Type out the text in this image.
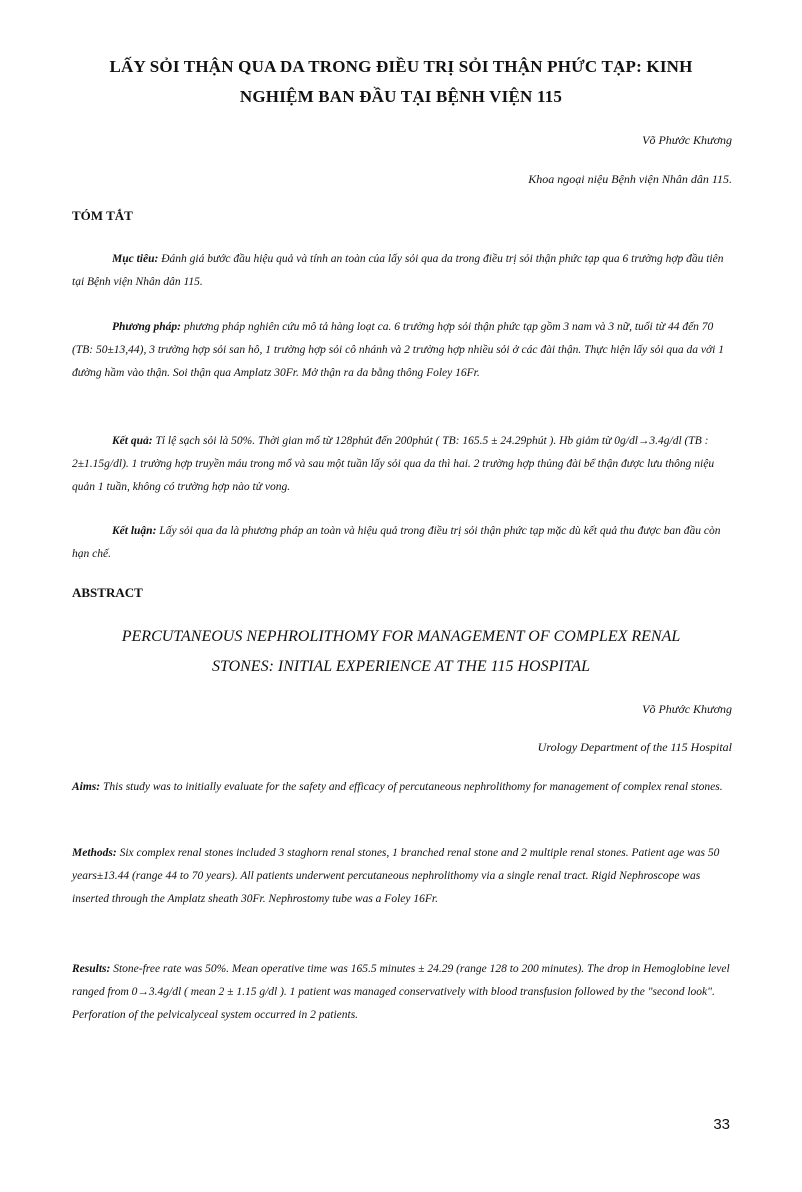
LẤY SỎI THẬN QUA DA TRONG ĐIỀU TRỊ SỎI THẬN PHỨC TẠP: KINH
NGHIỆM BAN ĐẦU TẠI BỆNH VIỆN 115
Võ Phước Khương
Khoa ngoại niệu Bệnh viện Nhân dân 115.
TÓM TẮT
Mục tiêu: Đánh giá bước đầu hiệu quả và tính an toàn của lấy sỏi qua da trong điều trị sỏi thận phức tạp qua 6 trường hợp đầu tiên tại Bệnh viện Nhân dân 115.
Phương pháp: phương pháp nghiên cứu mô tả hàng loạt ca. 6 trường hợp sỏi thận phức tạp gồm 3 nam và 3 nữ, tuổi từ 44 đến 70 (TB: 50±13,44), 3 trường hợp sỏi san hô, 1 trường hợp sỏi cô nhánh và 2 trường hợp nhiều sỏi ở các đài thận. Thực hiện lấy sỏi qua da với 1 đường hầm vào thận. Soi thận qua Amplatz 30Fr. Mở thận ra da bằng thông Foley 16Fr.
Kết quả: Tỉ lệ sạch sỏi là 50%. Thời gian mổ từ 128phút đến 200phút ( TB: 165.5 ± 24.29phút ). Hb giảm từ 0g/dl→3.4g/dl (TB : 2±1.15g/dl). 1 trường hợp truyền máu trong mổ và sau một tuần lấy sỏi qua da thì hai. 2 trường hợp thủng đài bể thận được lưu thông niệu quản 1 tuần, không có trường hợp nào tử vong.
Kết luận: Lấy sỏi qua da là phương pháp an toàn và hiệu quả trong điều trị sỏi thận phức tạp mặc dù kết quả thu được ban đầu còn hạn chế.
ABSTRACT
PERCUTANEOUS NEPHROLITHOMY FOR MANAGEMENT OF COMPLEX RENAL
STONES: INITIAL EXPERIENCE AT THE 115 HOSPITAL
Võ Phước Khương
Urology Department of the 115 Hospital
Aims: This study was to initially evaluate for the safety and efficacy of percutaneous nephrolithomy for management of complex renal stones.
Methods: Six complex renal stones included 3 staghorn renal stones, 1 branched renal stone and 2 multiple renal stones. Patient age was 50 years±13.44 (range 44 to 70 years). All patients underwent percutaneous nephrolithomy via a single renal tract. Rigid Nephroscope was inserted through the Amplatz sheath 30Fr. Nephrostomy tube was a Foley 16Fr.
Results: Stone-free rate was 50%. Mean operative time was 165.5 minutes ± 24.29 (range 128 to 200 minutes). The drop in Hemoglobine level ranged from 0→3.4g/dl ( mean 2 ± 1.15 g/dl ). 1 patient was managed conservatively with blood transfusion followed by the "second look". Perforation of the pelvicalyceal system occurred in 2 patients.
33
